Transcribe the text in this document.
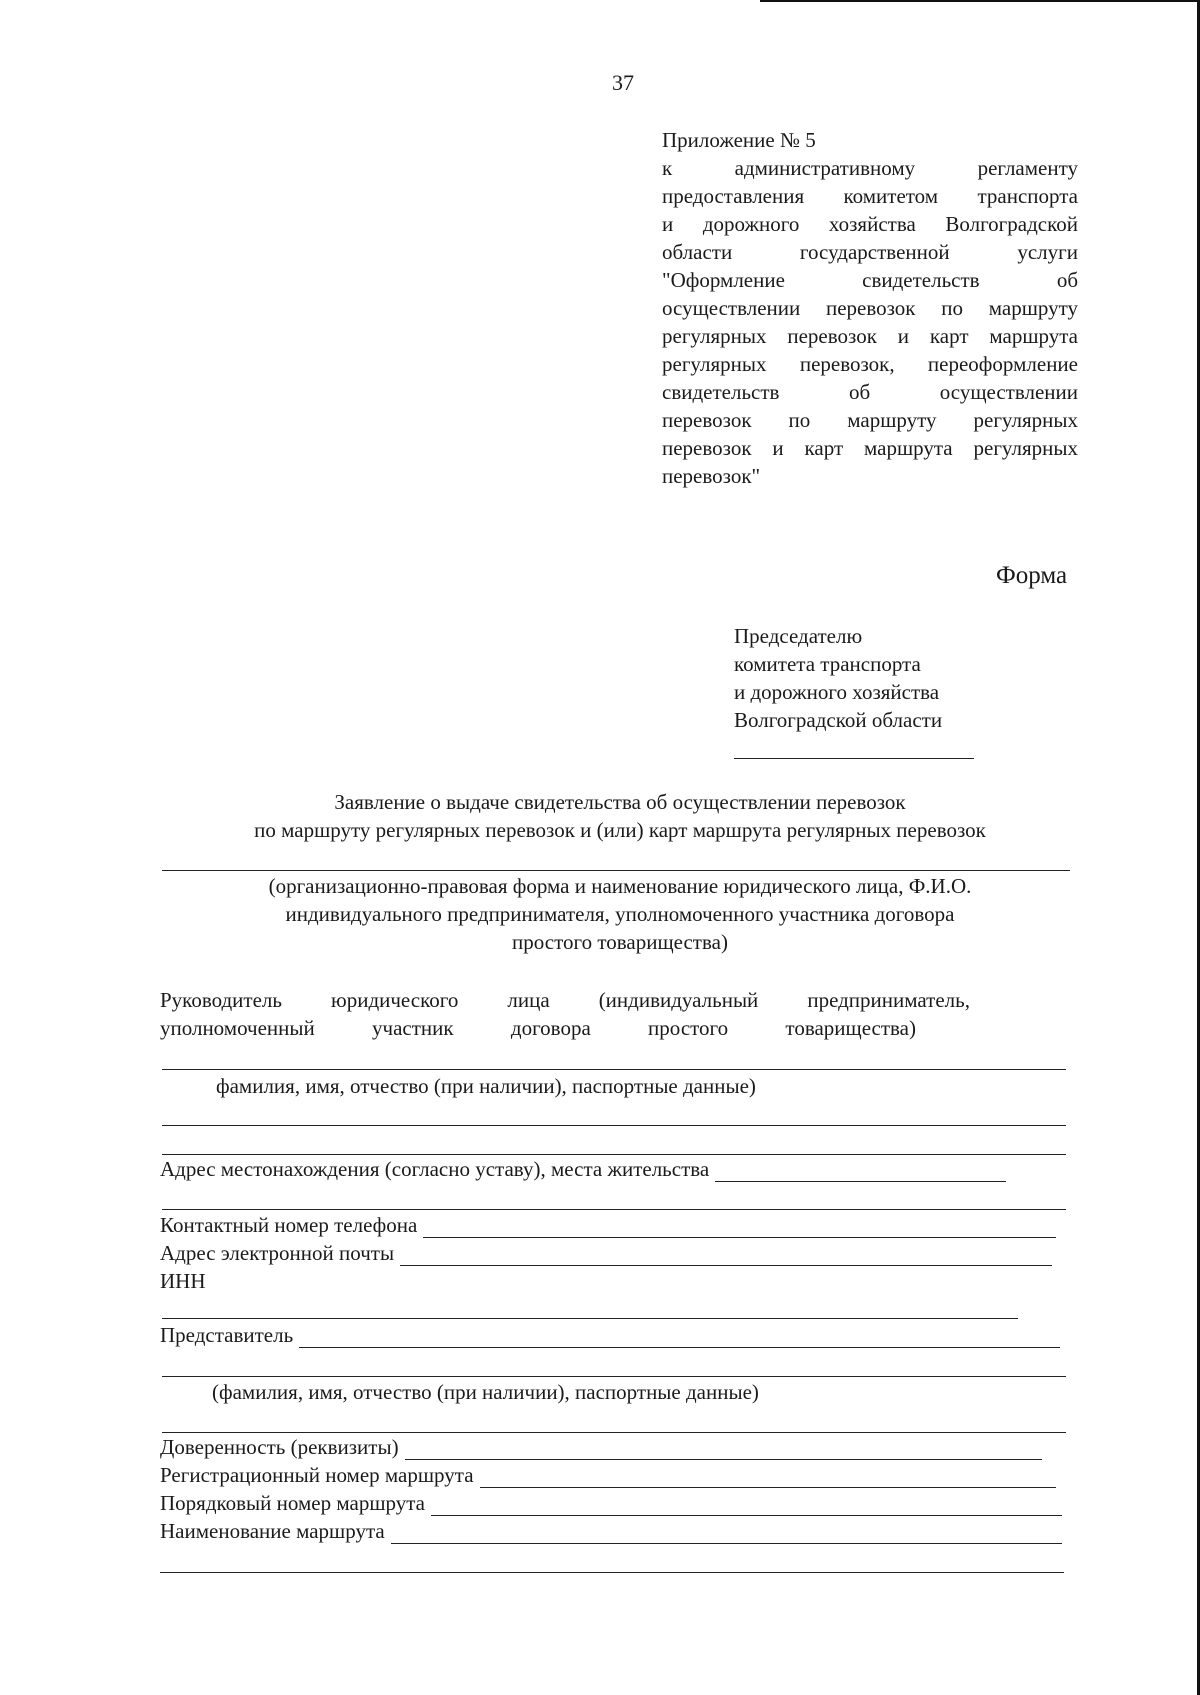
37
Приложение № 5
к административному регламенту
предоставления комитетом транспорта
и дорожного хозяйства Волгоградской
области государственной услуги
"Оформление свидетельств об
осуществлении перевозок по маршруту
регулярных перевозок и карт маршрута
регулярных перевозок, переоформление
свидетельств об осуществлении
перевозок по маршруту регулярных
перевозок и карт маршрута регулярных
перевозок"
Форма
Председателю
комитета транспорта
и дорожного хозяйства
Волгоградской области
Заявление о выдаче свидетельства об осуществлении перевозок
по маршруту регулярных перевозок и (или) карт маршрута регулярных перевозок
(организационно-правовая форма и наименование юридического лица, Ф.И.О.
индивидуального предпринимателя, уполномоченного участника договора
простого товарищества)
Руководитель юридического лица (индивидуальный предприниматель,
уполномоченный участник договора простого товарищества)
фамилия, имя, отчество (при наличии), паспортные данные)
Адрес местонахождения (согласно уставу), места жительства
Контактный номер телефона
Адрес электронной почты
ИНН
Представитель
(фамилия, имя, отчество (при наличии), паспортные данные)
Доверенность (реквизиты)
Регистрационный номер маршрута
Порядковый номер маршрута
Наименование маршрута
